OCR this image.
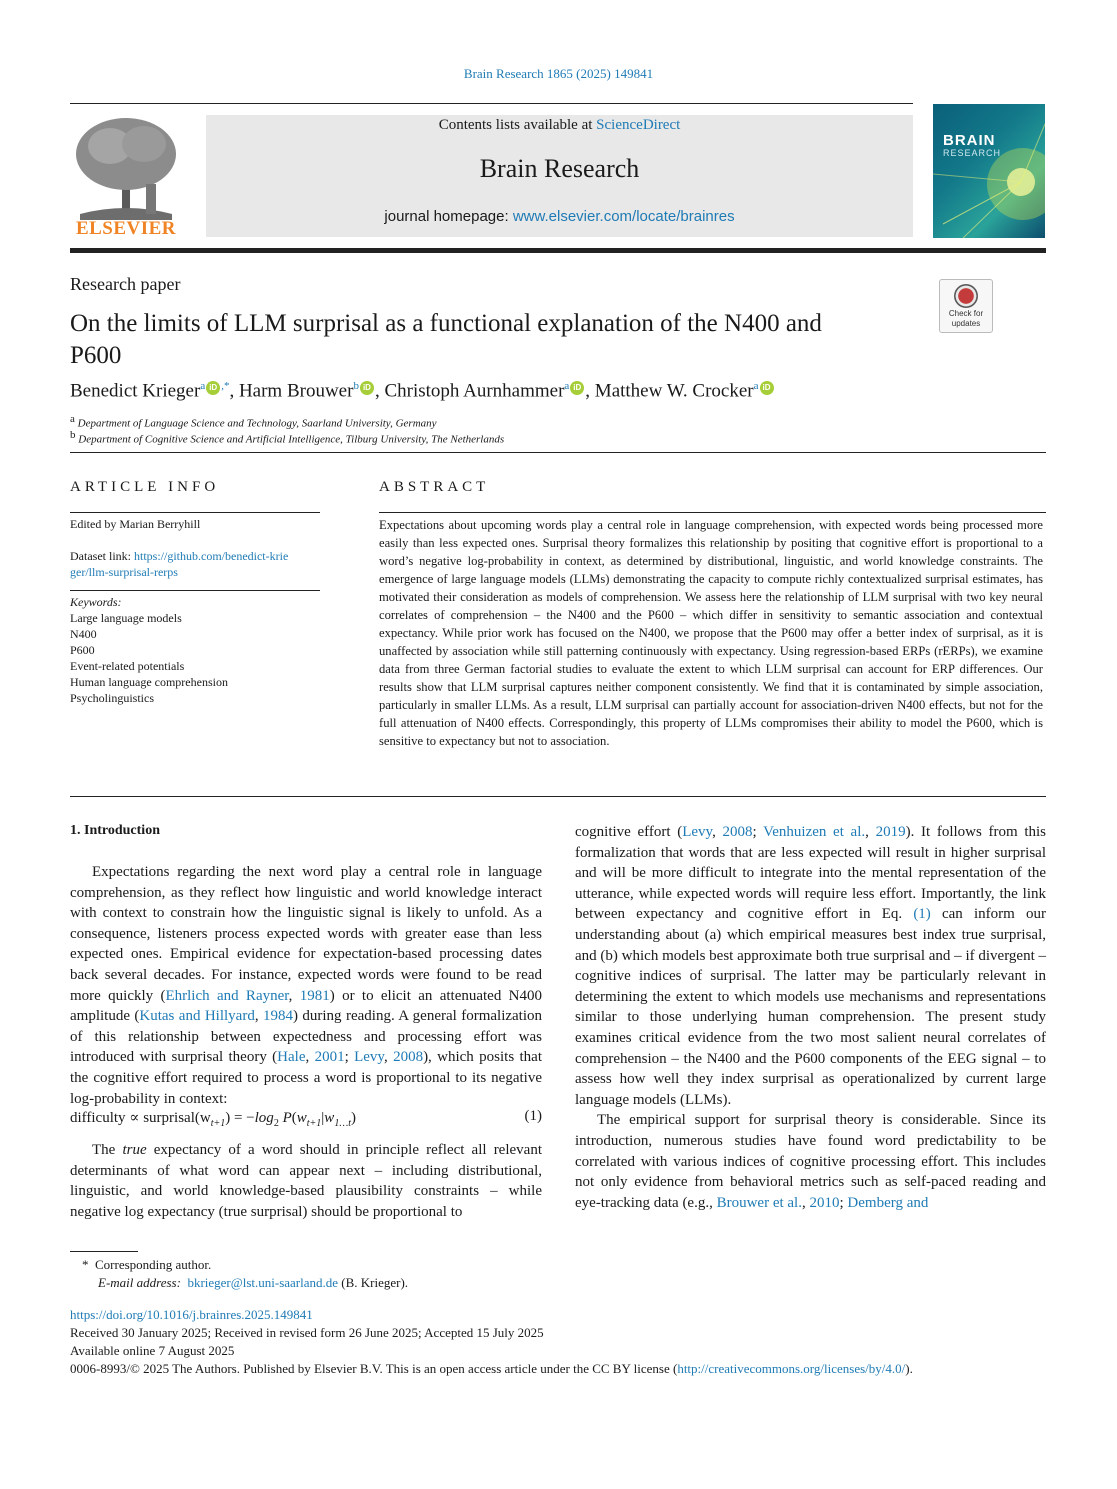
Brain Research 1865 (2025) 149841
ELSEVIER
Contents lists available at ScienceDirect
Brain Research
journal homepage: www.elsevier.com/locate/brainres
BRAIN
RESEARCH
Research paper
On the limits of LLM surprisal as a functional explanation of the N400 and P600
Check for
updates
Benedict Krieger$^a$ iD ,*, Harm Brouwer$^b$ iD , Christoph Aurnhammer$^a$ iD , Matthew W. Crocker$^a$ iD
$^a$ Department of Language Science and Technology, Saarland University, Germany
$^b$ Department of Cognitive Science and Artificial Intelligence, Tilburg University, The Netherlands
ARTICLE INFO
Edited by Marian Berryhill
Dataset link: https://github.com/benedict-krie
ger/llm-surprisal-rerps
Keywords:
Large language models
N400
P600
Event-related potentials
Human language comprehension
Psycholinguistics
ABSTRACT
Expectations about upcoming words play a central role in language comprehension, with expected words being processed more easily than less expected ones. Surprisal theory formalizes this relationship by positing that cognitive effort is proportional to a word’s negative log-probability in context, as determined by distributional, linguistic, and world knowledge constraints. The emergence of large language models (LLMs) demonstrating the capacity to compute richly contextualized surprisal estimates, has motivated their consideration as models of comprehension. We assess here the relationship of LLM surprisal with two key neural correlates of comprehension – the N400 and the P600 – which differ in sensitivity to semantic association and contextual expectancy. While prior work has focused on the N400, we propose that the P600 may offer a better index of surprisal, as it is unaffected by association while still patterning continuously with expectancy. Using regression-based ERPs (rERPs), we examine data from three German factorial studies to evaluate the extent to which LLM surprisal can account for ERP differences. Our results show that LLM surprisal captures neither component consistently. We find that it is contaminated by simple association, particularly in smaller LLMs. As a result, LLM surprisal can partially account for association-driven N400 effects, but not for the full attenuation of N400 effects. Correspondingly, this property of LLMs compromises their ability to model the P600, which is sensitive to expectancy but not to association.
1. Introduction

Expectations regarding the next word play a central role in language comprehension, as they reflect how linguistic and world knowledge interact with context to constrain how the linguistic signal is likely to unfold. As a consequence, listeners process expected words with greater ease than less expected ones. Empirical evidence for expectation-based processing dates back several decades. For instance, expected words were found to be read more quickly (Ehrlich and Rayner, 1981) or to elicit an attenuated N400 amplitude (Kutas and Hillyard, 1984) during reading. A general formalization of this relationship between expectedness and processing effort was introduced with surprisal theory (Hale, 2001; Levy, 2008), which posits that the cognitive effort required to process a word is proportional to its negative log-probability in context:

difficulty ∝ $surprisal(w_{t+1}) = -\log_2$ $P(w_{t+1}|w_{1\dots t})$	(1)

The true expectancy of a word should in principle reflect all relevant determinants of what word can appear next – including distributional, linguistic, and world knowledge-based plausibility constraints – while negative log expectancy (true surprisal) should be proportional to

cognitive effort (Levy, 2008; Venhuizen et al., 2019). It follows from this formalization that words that are less expected will result in higher surprisal and will be more difficult to integrate into the mental representation of the utterance, while expected words will require less effort. Importantly, the link between expectancy and cognitive effort in Eq. (1) can inform our understanding about (a) which empirical measures best index true surprisal, and (b) which models best approximate both true surprisal and – if divergent – cognitive indices of surprisal. The latter may be particularly relevant in determining the extent to which models use mechanisms and representations similar to those underlying human comprehension. The present study examines critical evidence from the two most salient neural correlates of comprehension – the N400 and the P600 components of the EEG signal – to assess how well they index surprisal as operationalized by current large language models (LLMs).

The empirical support for surprisal theory is considerable. Since its introduction, numerous studies have found word predictability to be correlated with various indices of cognitive processing effort. This includes not only evidence from behavioral metrics such as self-paced reading and eye-tracking data (e.g., Brouwer et al., 2010; Demberg and

*  Corresponding author.
E-mail address: bkrieger@lst.uni-saarland.de (B. Krieger).
https://doi.org/10.1016/j.brainres.2025.149841
Received 30 January 2025; Received in revised form 26 June 2025; Accepted 15 July 2025
Available online 7 August 2025
0006-8993/© 2025 The Authors. Published by Elsevier B.V. This is an open access article under the CC BY license (http://creativecommons.org/licenses/by/4.0/).
